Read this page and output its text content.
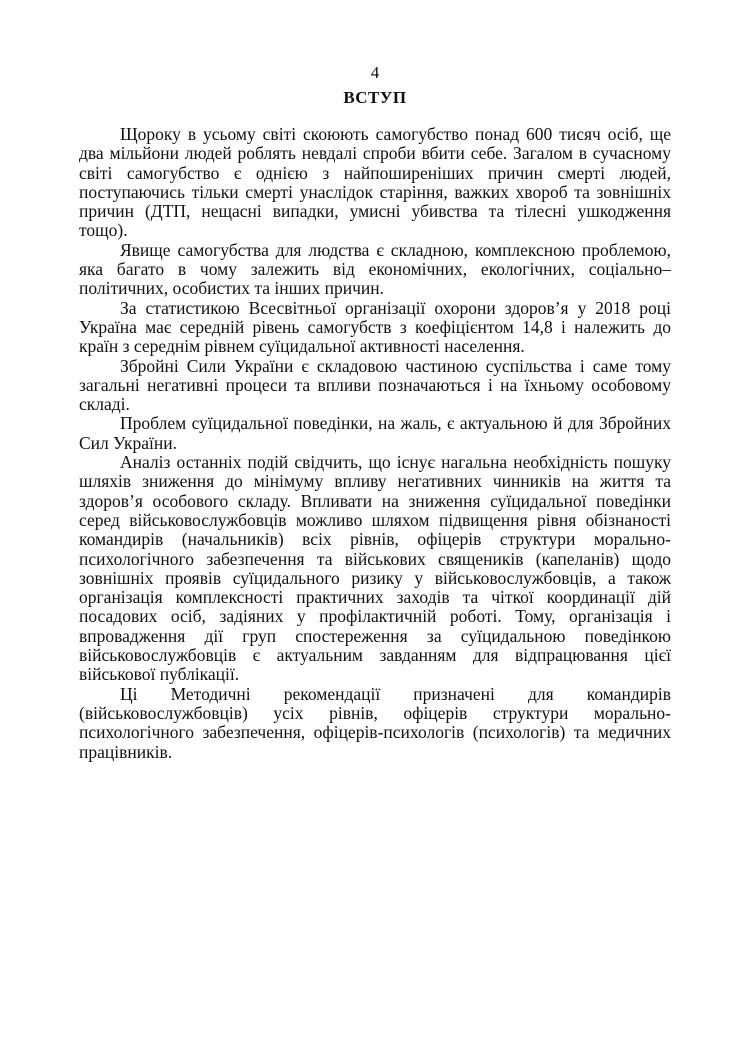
4
ВСТУП

Щороку в усьому світі скоюють самогубство понад 600 тисяч осіб, ще два мільйони людей роблять невдалі спроби вбити себе. Загалом в сучасному світі самогубство є однією з найпоширеніших причин смерті людей, поступаючись тільки смерті унаслідок старіння, важких хвороб та зовнішніх причин (ДТП, нещасні випадки, умисні убивства та тілесні ушкодження тощо).

Явище самогубства для людства є складною, комплексною проблемою, яка багато в чому залежить від економічних, екологічних, соціально–політичних, особистих та інших причин.

За статистикою Всесвітньої організації охорони здоров’я у 2018 році Україна має середній рівень самогубств з коефіцієнтом 14,8 і належить до країн з середнім рівнем суїцидальної активності населення.

Збройні Сили України є складовою частиною суспільства і саме тому загальні негативні процеси та впливи позначаються і на їхньому особовому складі.

Проблем суїцидальної поведінки, на жаль, є актуальною й для Збройних Сил України.

Аналіз останніх подій свідчить, що існує нагальна необхідність пошуку шляхів зниження до мінімуму впливу негативних чинників на життя та здоров’я особового складу. Впливати на зниження суїцидальної поведінки серед військовослужбовців можливо шляхом підвищення рівня обізнаності командирів (начальників) всіх рівнів, офіцерів структури морально-психологічного забезпечення та військових священиків (капеланів) щодо зовнішніх проявів суїцидального ризику у військовослужбовців, а також організація комплексності практичних заходів та чіткої координації дій посадових осіб, задіяних у профілактичній роботі. Тому, організація і впровадження дії груп спостереження за суїцидальною поведінкою військовослужбовців є актуальним завданням для відпрацювання цієї військової публікації.

Ці Методичні рекомендації призначені для командирів (військовослужбовців) усіх рівнів, офіцерів структури морально-психологічного забезпечення, офіцерів-психологів (психологів) та медичних працівників.
